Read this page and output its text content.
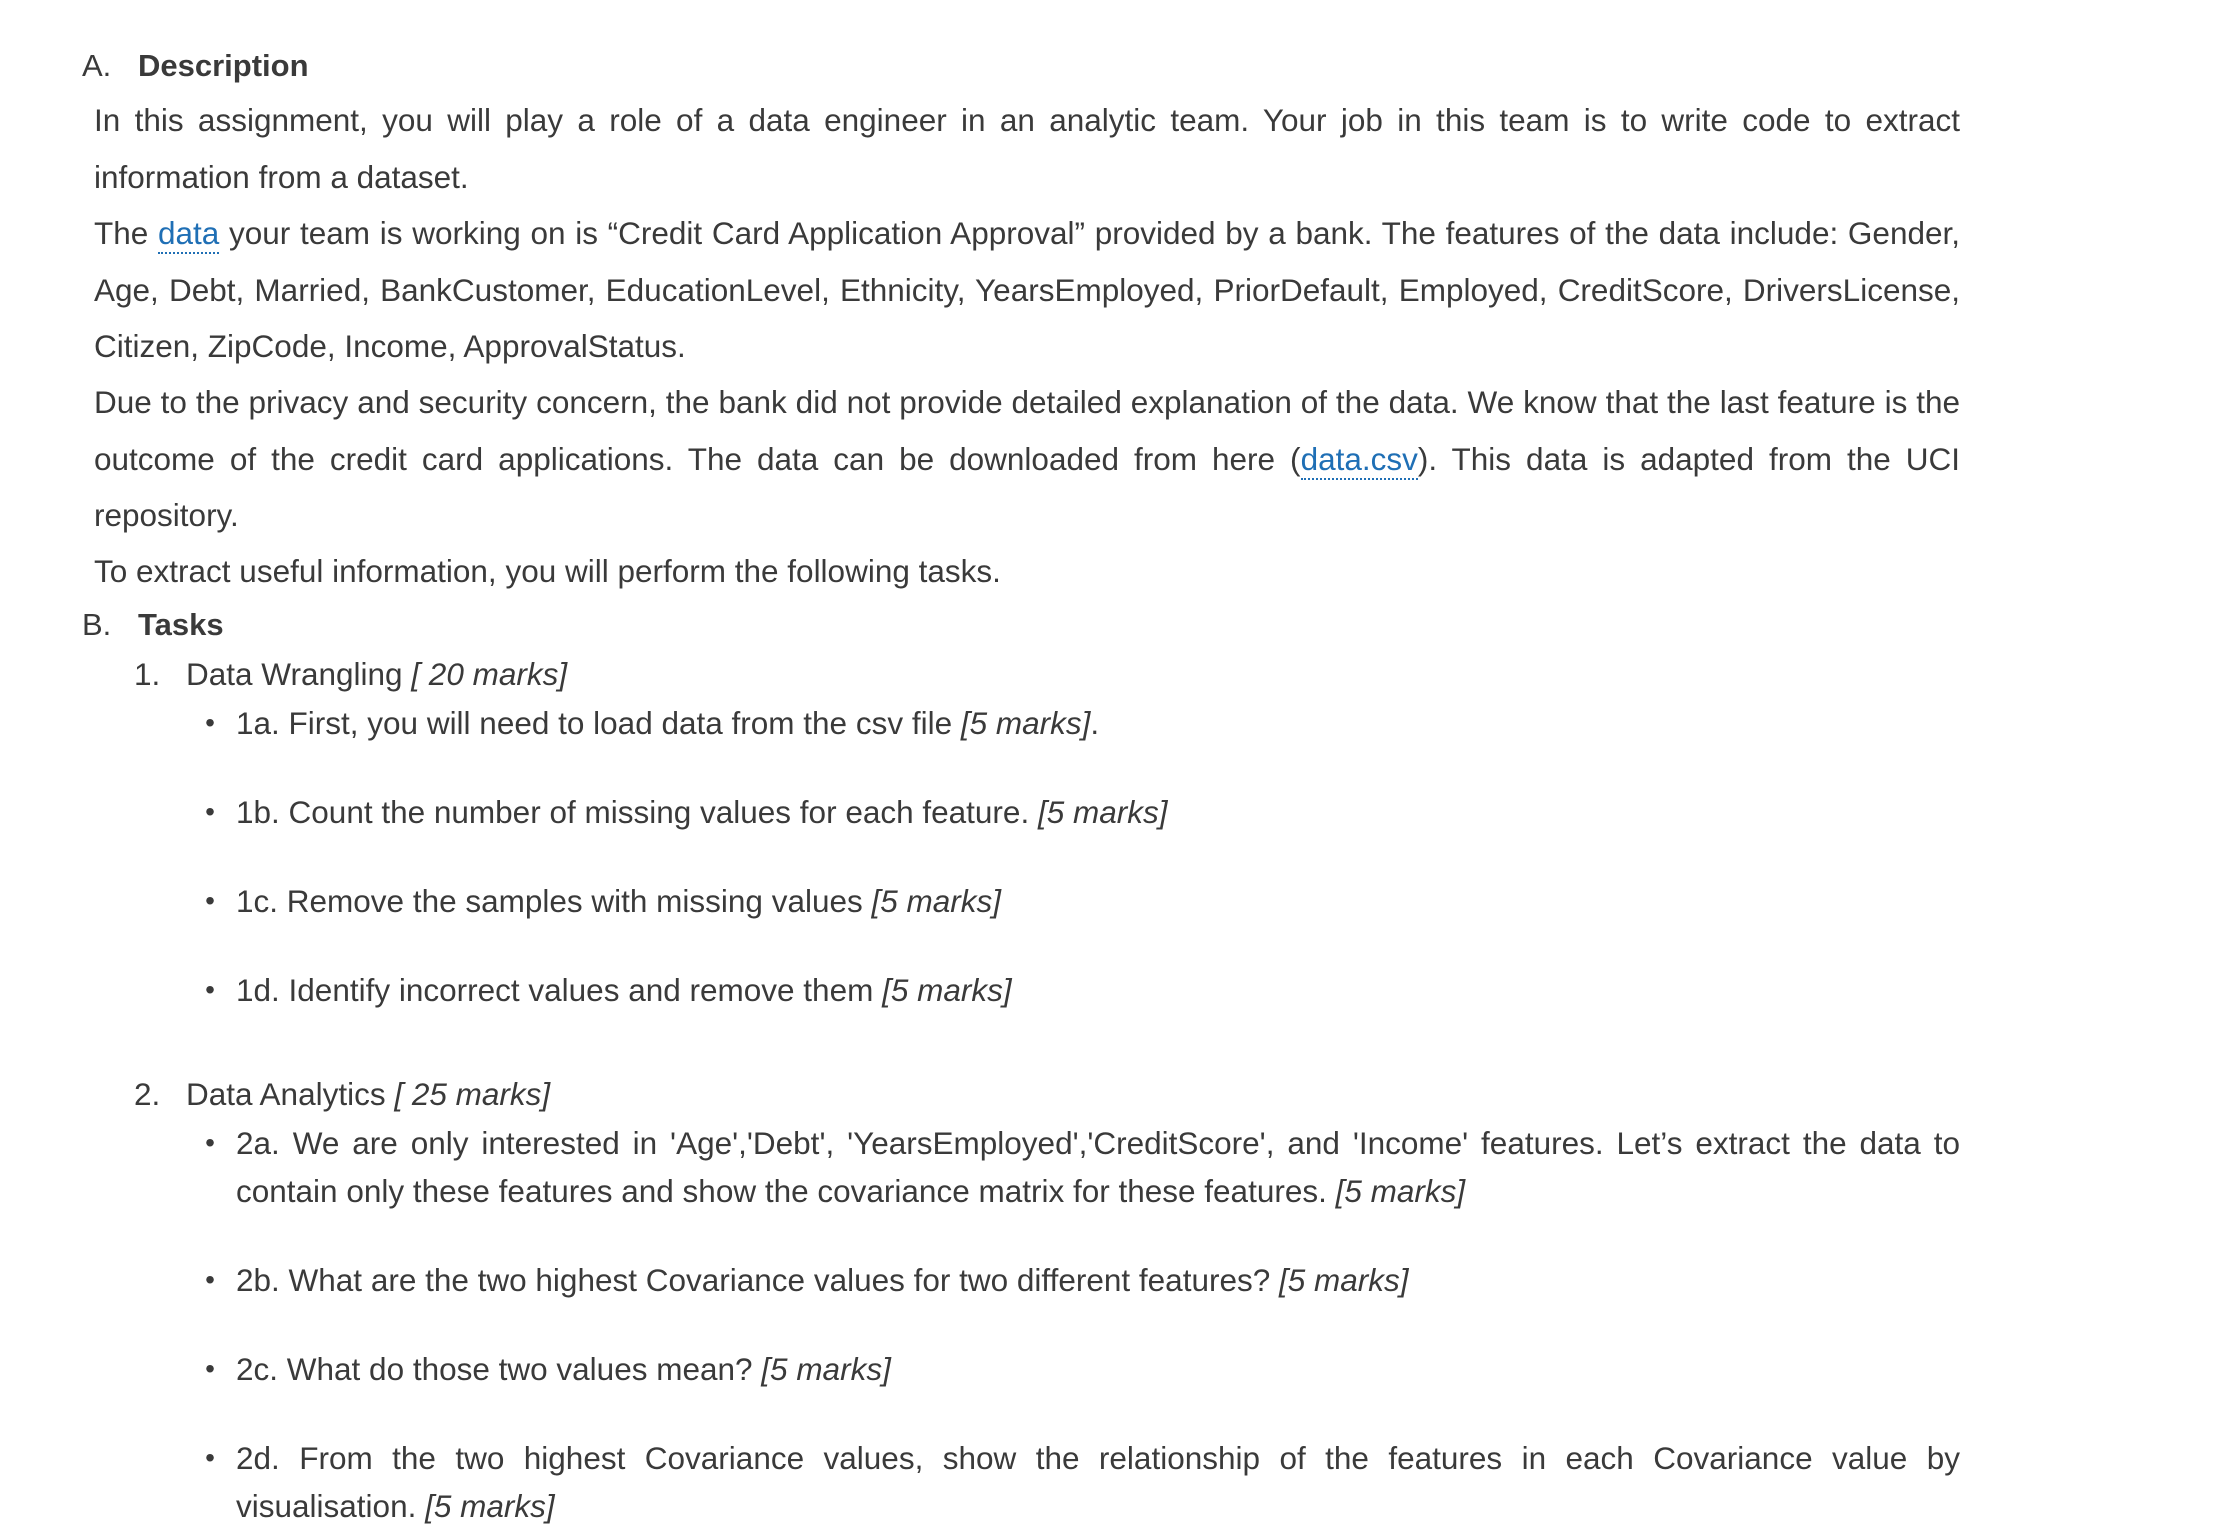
A. Description
In this assignment, you will play a role of a data engineer in an analytic team. Your job in this team is to write code to extract information from a dataset.
The data your team is working on is “Credit Card Application Approval” provided by a bank. The features of the data include: Gender, Age, Debt, Married, BankCustomer, EducationLevel, Ethnicity, YearsEmployed, PriorDefault, Employed, CreditScore, DriversLicense, Citizen, ZipCode, Income, ApprovalStatus.
Due to the privacy and security concern, the bank did not provide detailed explanation of the data. We know that the last feature is the outcome of the credit card applications. The data can be downloaded from here (data.csv). This data is adapted from the UCI repository.
To extract useful information, you will perform the following tasks.
B. Tasks
1. Data Wrangling [ 20 marks]
• 1a. First, you will need to load data from the csv file [5 marks].
• 1b. Count the number of missing values for each feature. [5 marks]
• 1c. Remove the samples with missing values [5 marks]
• 1d. Identify incorrect values and remove them [5 marks]
2. Data Analytics [ 25 marks]
• 2a. We are only interested in 'Age','Debt', 'YearsEmployed','CreditScore', and 'Income' features. Let’s extract the data to contain only these features and show the covariance matrix for these features. [5 marks]
• 2b. What are the two highest Covariance values for two different features? [5 marks]
• 2c. What do those two values mean? [5 marks]
• 2d. From the two highest Covariance values, show the relationship of the features in each Covariance value by visualisation. [5 marks]
